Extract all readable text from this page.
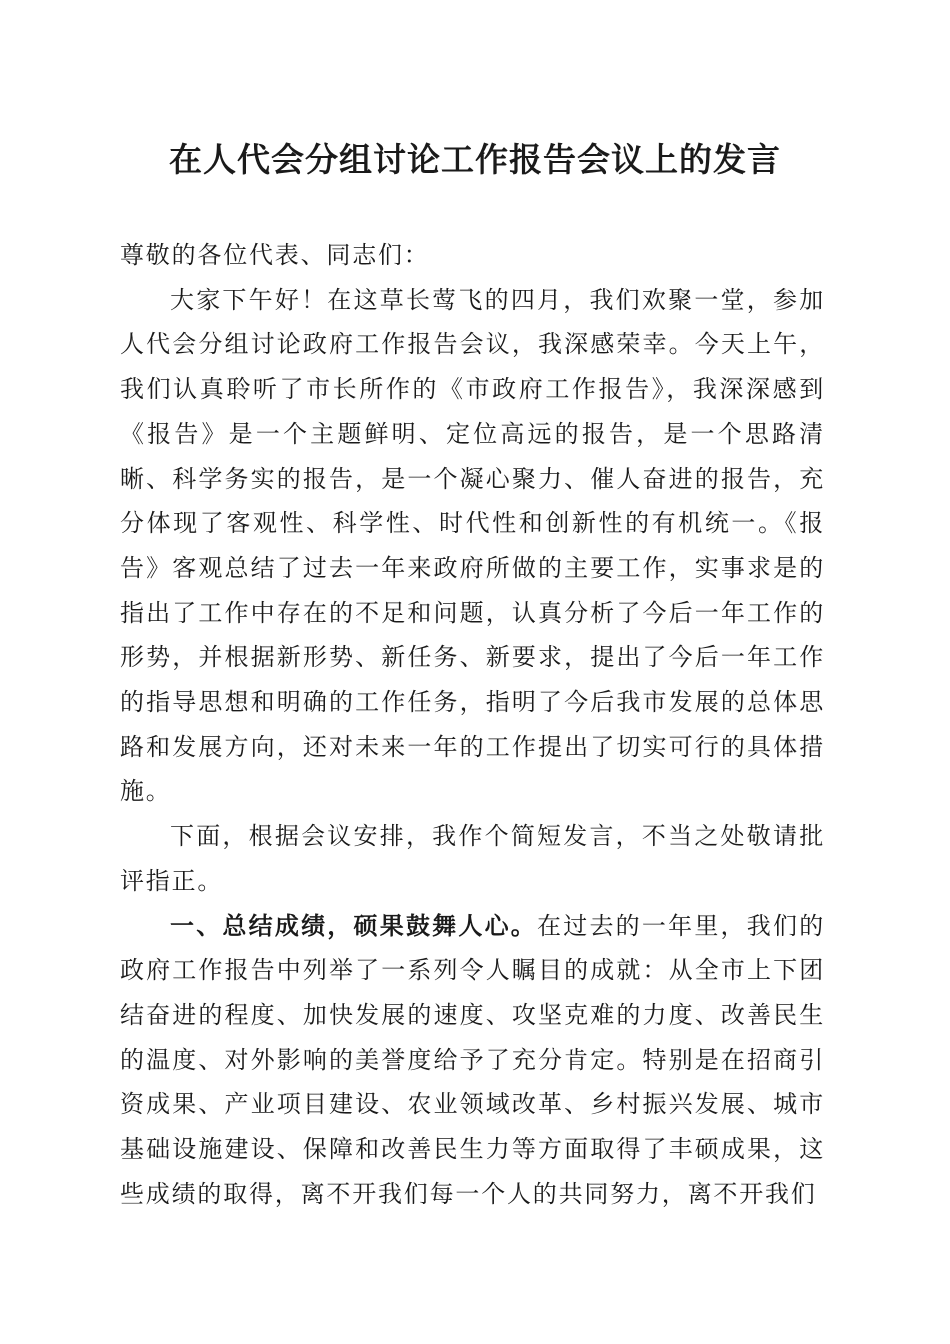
在人代会分组讨论工作报告会议上的发言

尊敬的各位代表、同志们：

大家下午好！在这草长莺飞的四月，我们欢聚一堂，参加人代会分组讨论政府工作报告会议，我深感荣幸。今天上午，我们认真聆听了市长所作的《市政府工作报告》，我深深感到《报告》是一个主题鲜明、定位高远的报告，是一个思路清晰、科学务实的报告，是一个凝心聚力、催人奋进的报告，充分体现了客观性、科学性、时代性和创新性的有机统一。《报告》客观总结了过去一年来政府所做的主要工作，实事求是的指出了工作中存在的不足和问题，认真分析了今后一年工作的形势，并根据新形势、新任务、新要求，提出了今后一年工作的指导思想和明确的工作任务，指明了今后我市发展的总体思路和发展方向，还对未来一年的工作提出了切实可行的具体措施。

下面，根据会议安排，我作个简短发言，不当之处敬请批评指正。

一、总结成绩，硕果鼓舞人心。在过去的一年里，我们的政府工作报告中列举了一系列令人瞩目的成就：从全市上下团结奋进的程度、加快发展的速度、攻坚克难的力度、改善民生的温度、对外影响的美誉度给予了充分肯定。特别是在招商引资成果、产业项目建设、农业领域改革、乡村振兴发展、城市基础设施建设、保障和改善民生力等方面取得了丰硕成果，这些成绩的取得，离不开我们每一个人的共同努力，离不开我们
